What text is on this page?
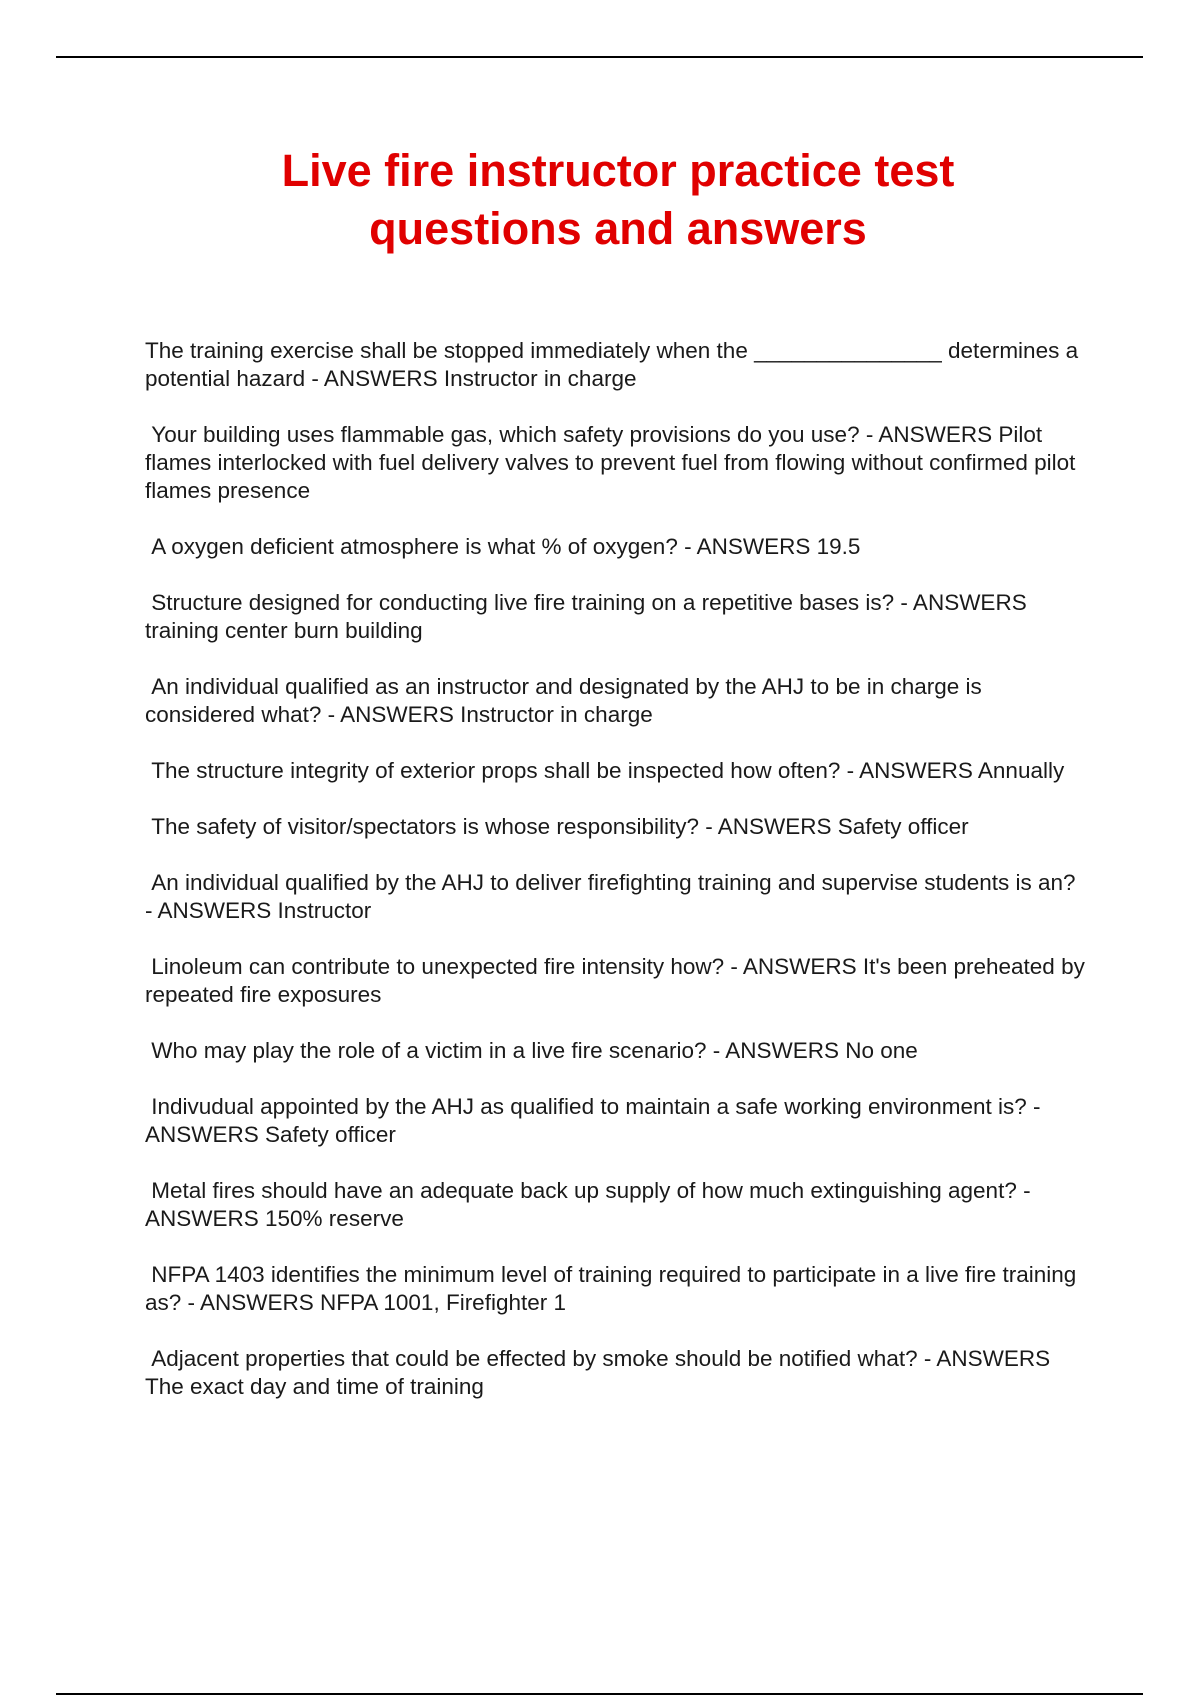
Live fire instructor practice test
questions and answers
The training exercise shall be stopped immediately when the _______________ determines a potential hazard - ANSWERS Instructor in charge
Your building uses flammable gas, which safety provisions do you use? - ANSWERS Pilot flames interlocked with fuel delivery valves to prevent fuel from flowing without confirmed pilot flames presence
A oxygen deficient atmosphere is what % of oxygen? - ANSWERS 19.5
Structure designed for conducting live fire training on a repetitive bases is? - ANSWERS training center burn building
An individual qualified as an instructor and designated by the AHJ to be in charge is considered what? - ANSWERS Instructor in charge
The structure integrity of exterior props shall be inspected how often? - ANSWERS Annually
The safety of visitor/spectators is whose responsibility? - ANSWERS Safety officer
An individual qualified by the AHJ to deliver firefighting training and supervise students is an? - ANSWERS Instructor
Linoleum can contribute to unexpected fire intensity how? - ANSWERS It's been preheated by repeated fire exposures
Who may play the role of a victim in a live fire scenario? - ANSWERS No one
Indivudual appointed by the AHJ as qualified to maintain a safe working environment is? - ANSWERS Safety officer
Metal fires should have an adequate back up supply of how much extinguishing agent? - ANSWERS 150% reserve
NFPA 1403 identifies the minimum level of training required to participate in a live fire training as? - ANSWERS NFPA 1001, Firefighter 1
Adjacent properties that could be effected by smoke should be notified what? - ANSWERS The exact day and time of training
